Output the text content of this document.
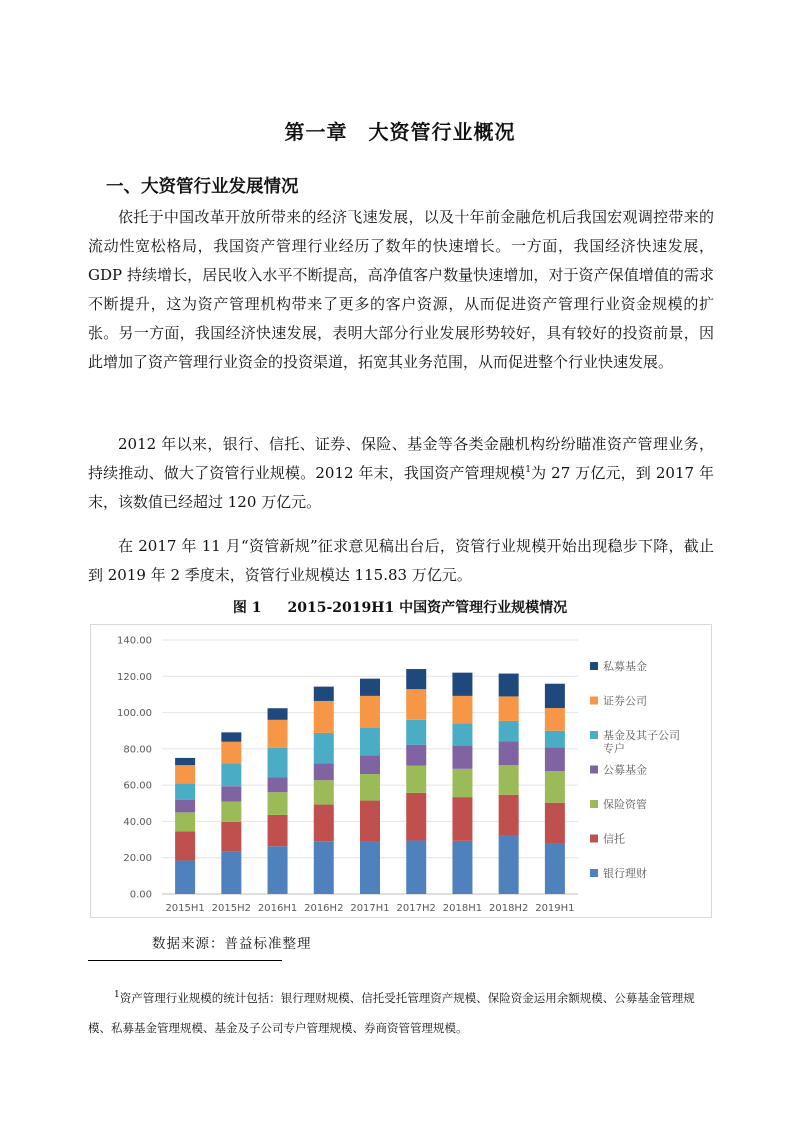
第一章　大资管行业概况
一、大资管行业发展情况

依托于中国改革开放所带来的经济飞速发展，以及十年前金融危机后我国宏观调控带来的流动性宽松格局，我国资产管理行业经历了数年的快速增长。一方面，我国经济快速发展，GDP 持续增长，居民收入水平不断提高，高净值客户数量快速增加，对于资产保值增值的需求不断提升，这为资产管理机构带来了更多的客户资源，从而促进资产管理行业资金规模的扩张。另一方面，我国经济快速发展，表明大部分行业发展形势较好，具有较好的投资前景，因此增加了资产管理行业资金的投资渠道，拓宽其业务范围，从而促进整个行业快速发展。

2012 年以来，银行、信托、证券、保险、基金等各类金融机构纷纷瞄准资产管理业务，持续推动、做大了资管行业规模。2012 年末，我国资产管理规模$^1$为 27 万亿元，到 2017 年末，该数值已经超过 120 万亿元。

在 2017 年 11 月“资管新规”征求意见稿出台后，资管行业规模开始出现稳步下降，截止到 2019 年 2 季度末，资管行业规模达 115.83 万亿元。

图 1 2015-2019H1 中国资产管理行业规模情况
0.00
20.00
40.00
60.00
80.00
100.00
120.00
140.00
2015H1 2015H2 2016H1 2016H2 2017H1 2017H2 2018H1 2018H2 2019H1
私募基金
证券公司
基金及其子公司
专户
公募基金
保险资管
信托
银行理财
数据来源：普益标准整理

$^1$资产管理行业规模的统计包括：银行理财规模、信托受托管理资产规模、保险资金运用余额规模、公募基金管理规模、私募基金管理规模、基金及子公司专户管理规模、券商资管管理规模。
